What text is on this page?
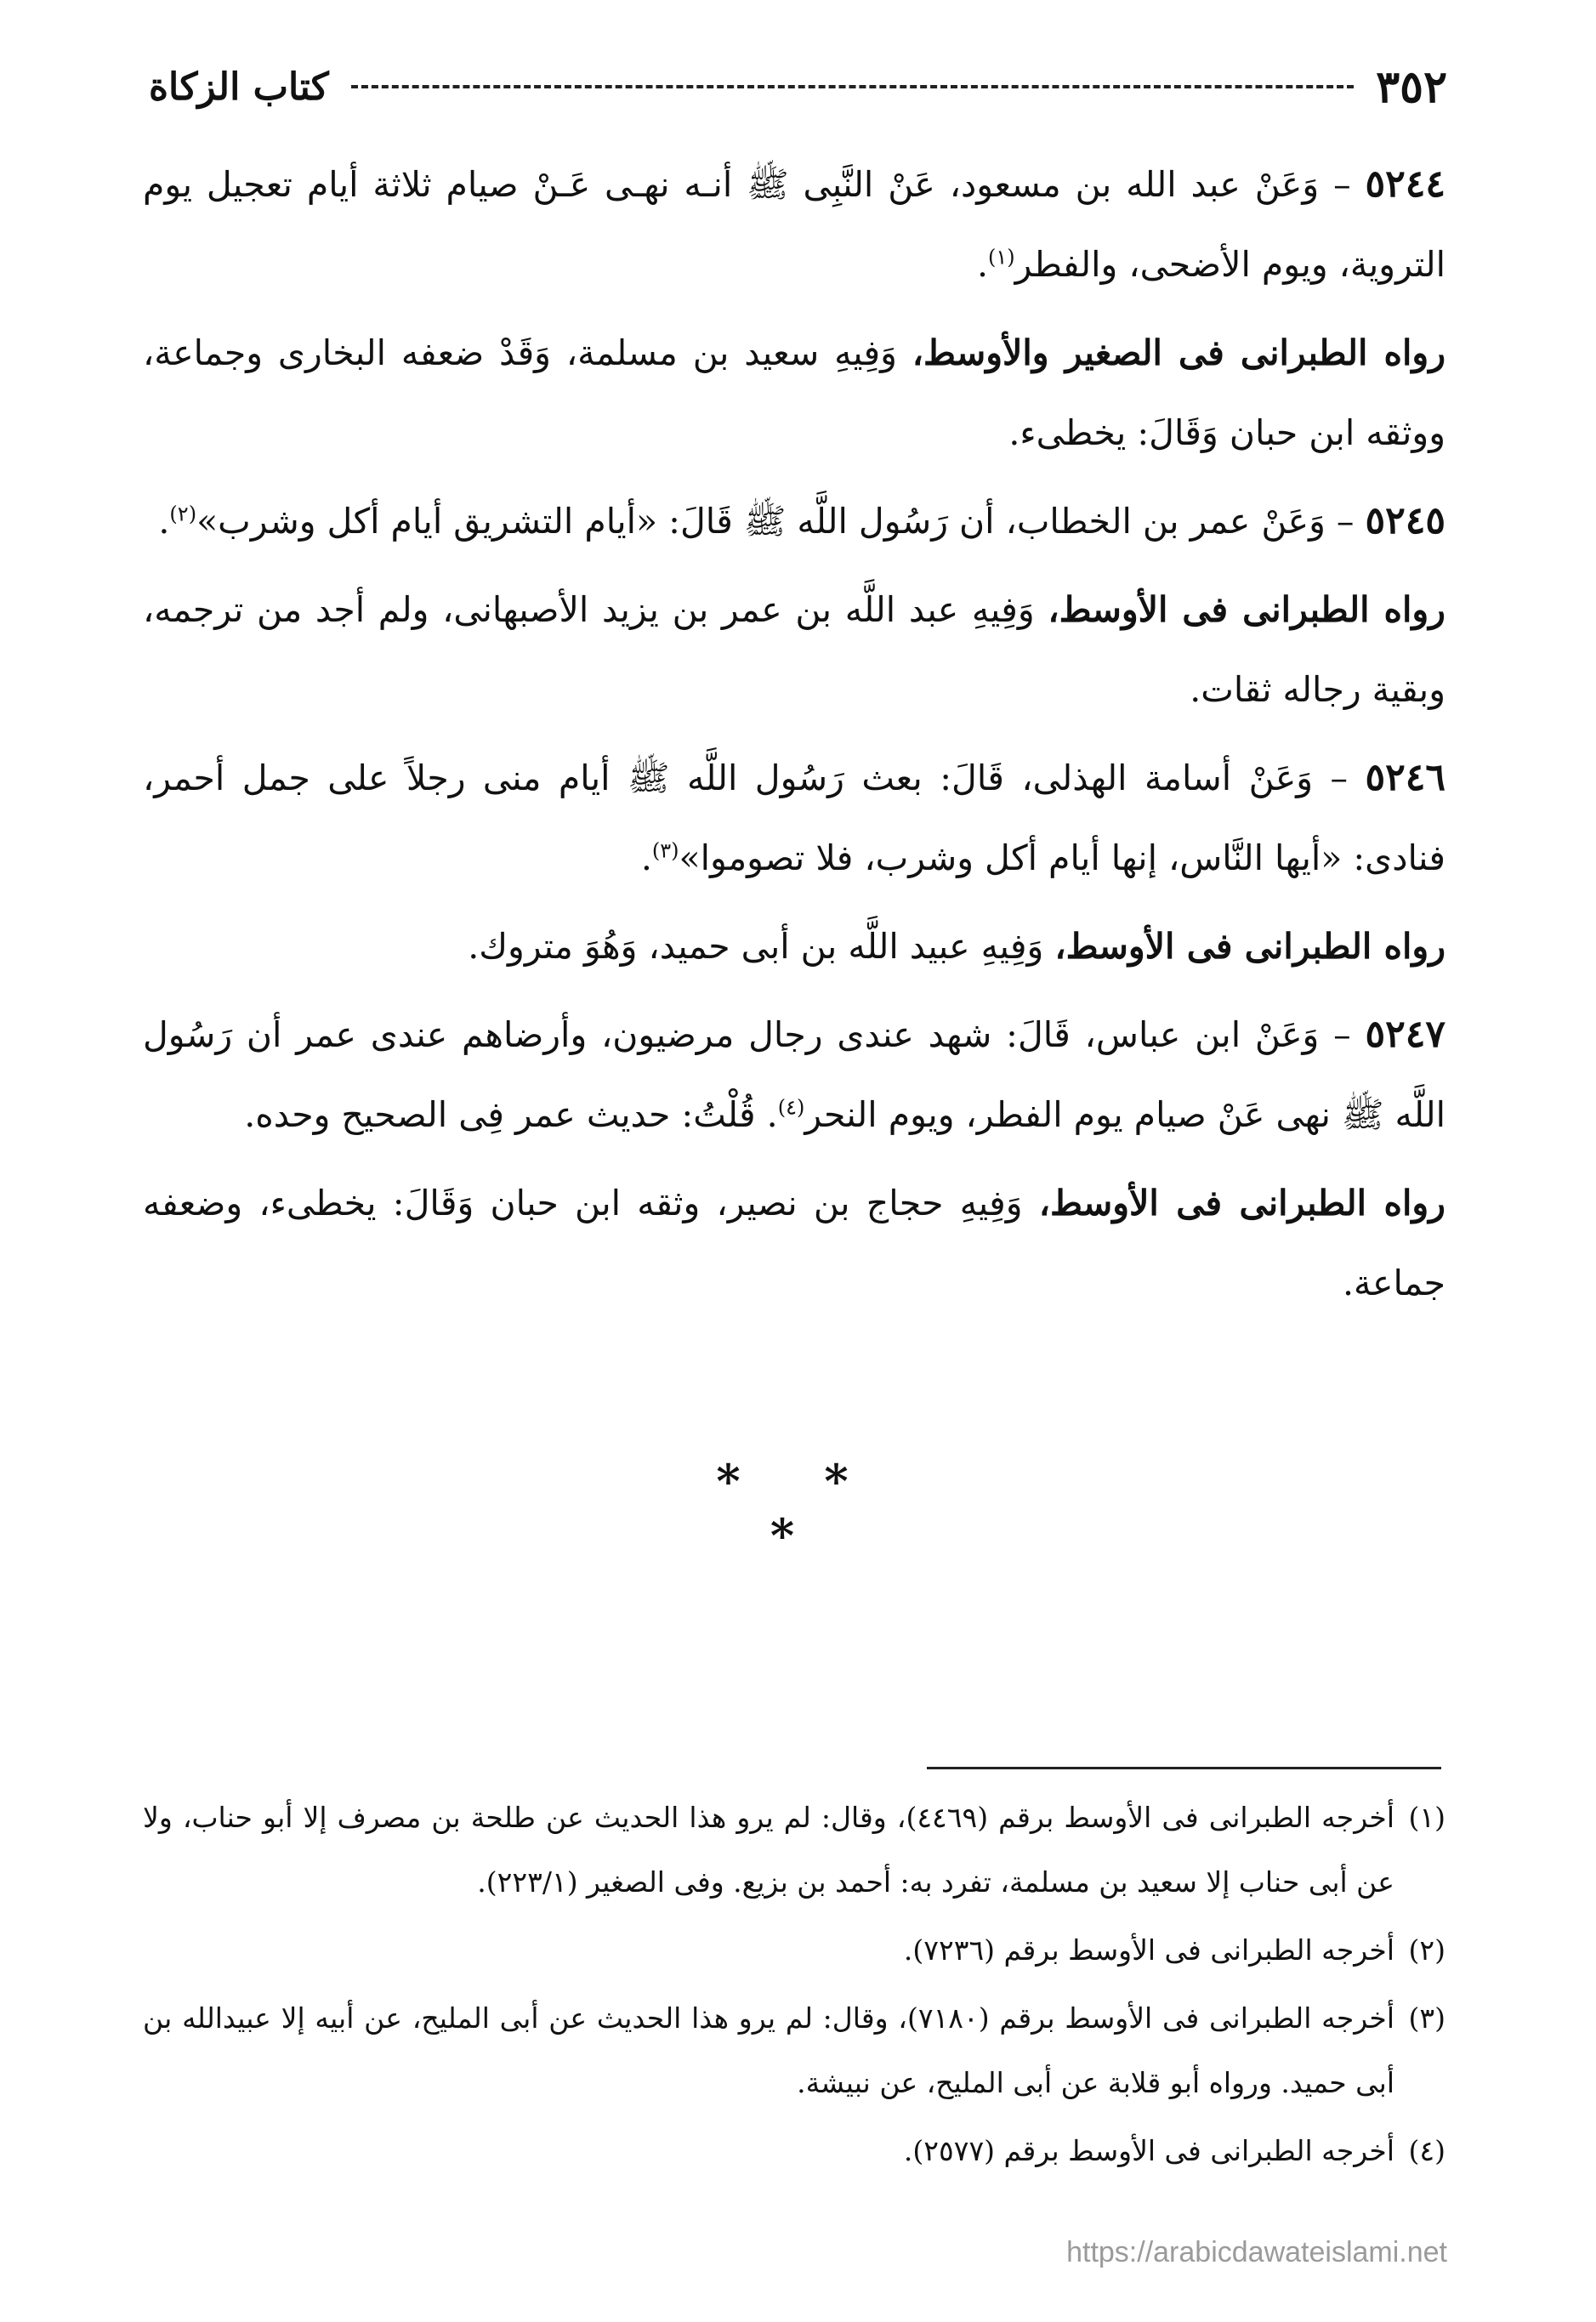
٣٥٢
كتاب الزكاة

٥٢٤٤ – وَعَنْ عبد الله بن مسعود، عَنْ النَّبِى ﷺ أنـه نهـى عَـنْ صيام ثلاثة أيام تعجيل يوم التروية، ويوم الأضحى، والفطر$^{(١)}$.

رواه الطبرانى فى الصغير والأوسط، وَفِيهِ سعيد بن مسلمة، وَقَدْ ضعفه البخارى وجماعة، ووثقه ابن حبان وَقَالَ: يخطىء.

٥٢٤٥ – وَعَنْ عمر بن الخطاب، أن رَسُول اللَّه ﷺ قَالَ: «أيام التشريق أيام أكل وشرب»$^{(٢)}$.

رواه الطبرانى فى الأوسط، وَفِيهِ عبد اللَّه بن عمر بن يزيد الأصبهانى، ولم أجد من ترجمه، وبقية رجاله ثقات.

٥٢٤٦ – وَعَنْ أسامة الهذلى، قَالَ: بعث رَسُول اللَّه ﷺ أيام منى رجلاً على جمل أحمر، فنادى: «أيها النَّاس، إنها أيام أكل وشرب، فلا تصوموا»$^{(٣)}$.

رواه الطبرانى فى الأوسط، وَفِيهِ عبيد اللَّه بن أبى حميد، وَهُوَ متروك.

٥٢٤٧ – وَعَنْ ابن عباس، قَالَ: شهد عندى رجال مرضيون، وأرضاهم عندى عمر أن رَسُول اللَّه ﷺ نهى عَنْ صيام يوم الفطر، ويوم النحر$^{(٤)}$. قُلْتُ: حديث عمر فِى الصحيح وحده.

رواه الطبرانى فى الأوسط، وَفِيهِ حجاج بن نصير، وثقه ابن حبان وَقَالَ: يخطىء، وضعفه جماعة.

* * *

(١)
أخرجه الطبرانى فى الأوسط برقم (٤٤٦٩)، وقال: لم يرو هذا الحديث عن طلحة بن مصرف إلا أبو حناب، ولا عن أبى حناب إلا سعيد بن مسلمة، تفرد به: أحمد بن بزيع. وفى الصغير (٢٢٣/١).

(٢)
أخرجه الطبرانى فى الأوسط برقم (٧٢٣٦).

(٣)
أخرجه الطبرانى فى الأوسط برقم (٧١٨٠)، وقال: لم يرو هذا الحديث عن أبى المليح، عن أبيه إلا عبيدالله بن أبى حميد. ورواه أبو قلابة عن أبى المليح، عن نبيشة.

(٤)
أخرجه الطبرانى فى الأوسط برقم (٢٥٧٧).

https://arabicdawateislami.net
